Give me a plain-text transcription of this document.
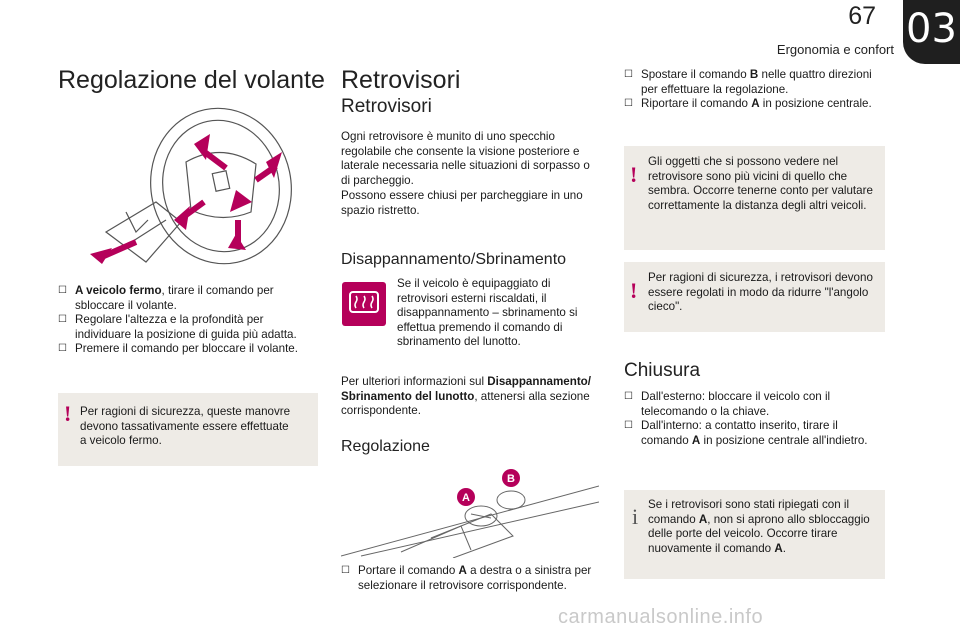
67
Ergonomia e confort 03
Regolazione del volante
☐ A veicolo fermo, tirare il comando per sbloccare il volante.
☐ Regolare l'altezza e la profondità per individuare la posizione di guida più adatta.
☐ Premere il comando per bloccare il volante.
! Per ragioni di sicurezza, queste manovre devono tassativamente essere effettuate a veicolo fermo.

Retrovisori
Retrovisori

Ogni retrovisore è munito di uno specchio regolabile che consente la visione posteriore e laterale necessaria nelle situazioni di sorpasso o di parcheggio.

Possono essere chiusi per parcheggiare in uno spazio ristretto.

Disappannamento/Sbrinamento

Se il veicolo è equipaggiato di retrovisori esterni riscaldati, il disappannamento – sbrinamento si effettua premendo il comando di sbrinamento del lunotto.

Per ulteriori informazioni sul Disappannamento/ Sbrinamento del lunotto, attenersi alla sezione corrispondente.

Regolazione
A
B
☐ Portare il comando A a destra o a sinistra per selezionare il retrovisore corrispondente.
☐ Spostare il comando B nelle quattro direzioni per effettuare la regolazione.
☐ Riportare il comando A in posizione centrale.
!

Gli oggetti che si possono vedere nel retrovisore sono più vicini di quello che sembra. Occorre tenerne conto per valutare correttamente la distanza degli altri veicoli.

!

Per ragioni di sicurezza, i retrovisori devono essere regolati in modo da ridurre "l'angolo cieco".

Chiusura
☐ Dall'esterno: bloccare il veicolo con il telecomando o la chiave.
☐ Dall'interno: a contatto inserito, tirare il comando A in posizione centrale all'indietro.
i Se i retrovisori sono stati ripiegati con il comando A, non si aprono allo sbloccaggio delle porte del veicolo. Occorre tirare nuovamente il comando A.

carmanualsonline.info
